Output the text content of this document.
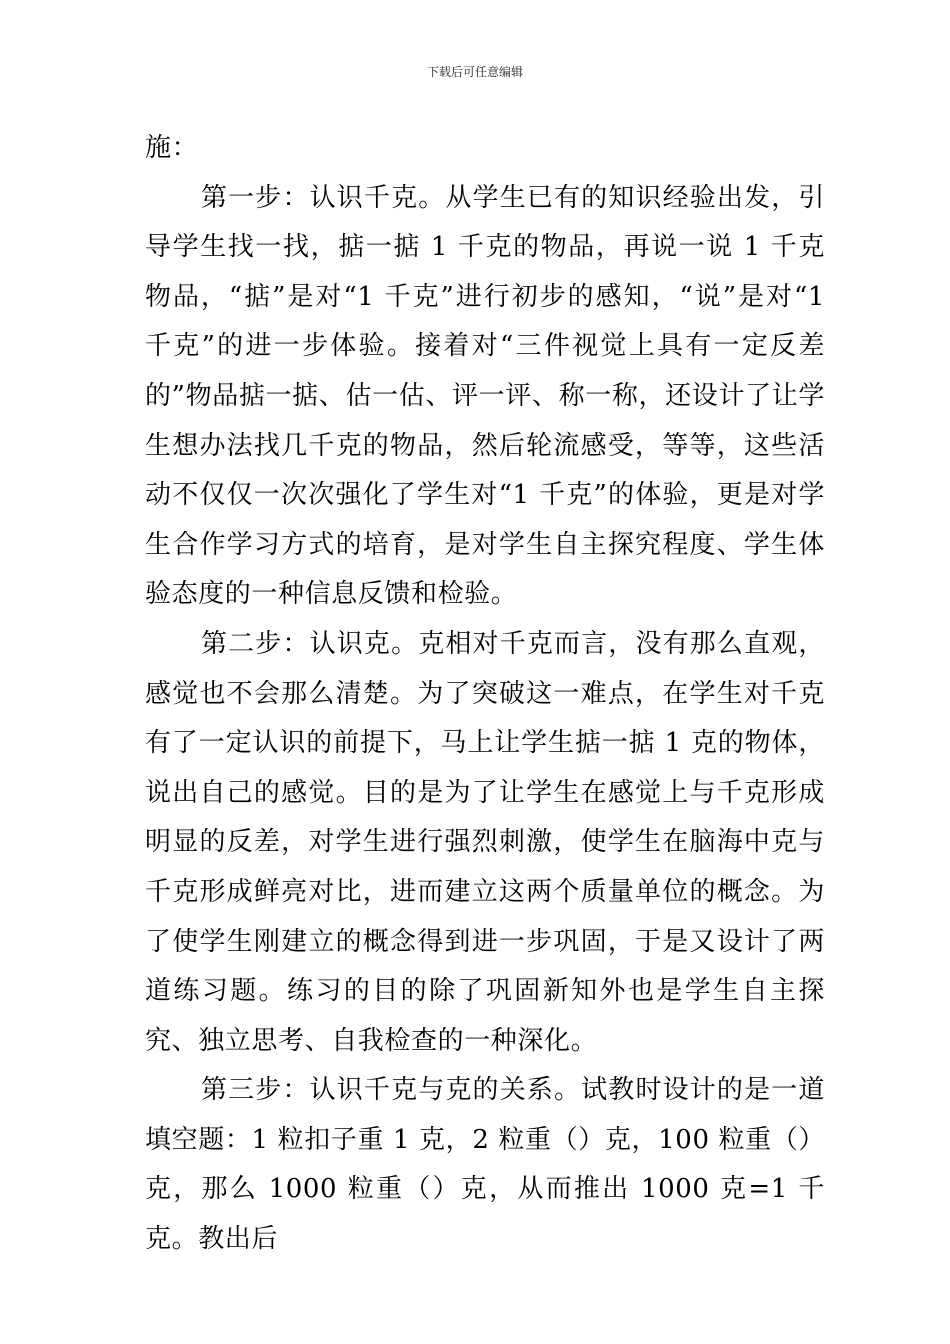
下载后可任意编辑

施：

第一步：认识千克。从学生已有的知识经验出发，引导学生找一找，掂一掂 1 千克的物品，再说一说 1 千克物品，“掂”是对“1 千克”进行初步的感知，“说”是对“1 千克”的进一步体验。接着对“三件视觉上具有一定反差的”物品掂一掂、估一估、评一评、称一称，还设计了让学生想办法找几千克的物品，然后轮流感受，等等，这些活动不仅仅一次次强化了学生对“1 千克”的体验，更是对学生合作学习方式的培育，是对学生自主探究程度、学生体验态度的一种信息反馈和检验。

第二步：认识克。克相对千克而言，没有那么直观，感觉也不会那么清楚。为了突破这一难点，在学生对千克有了一定认识的前提下，马上让学生掂一掂 1 克的物体，说出自己的感觉。目的是为了让学生在感觉上与千克形成明显的反差，对学生进行强烈刺激，使学生在脑海中克与千克形成鲜亮对比，进而建立这两个质量单位的概念。为了使学生刚建立的概念得到进一步巩固，于是又设计了两道练习题。练习的目的除了巩固新知外也是学生自主探究、独立思考、自我检查的一种深化。

第三步：认识千克与克的关系。试教时设计的是一道填空题：1 粒扣子重 1 克，2 粒重（）克，100 粒重（）克，那么 1000 粒重（）克，从而推出 1000 克=1 千克。教出后
